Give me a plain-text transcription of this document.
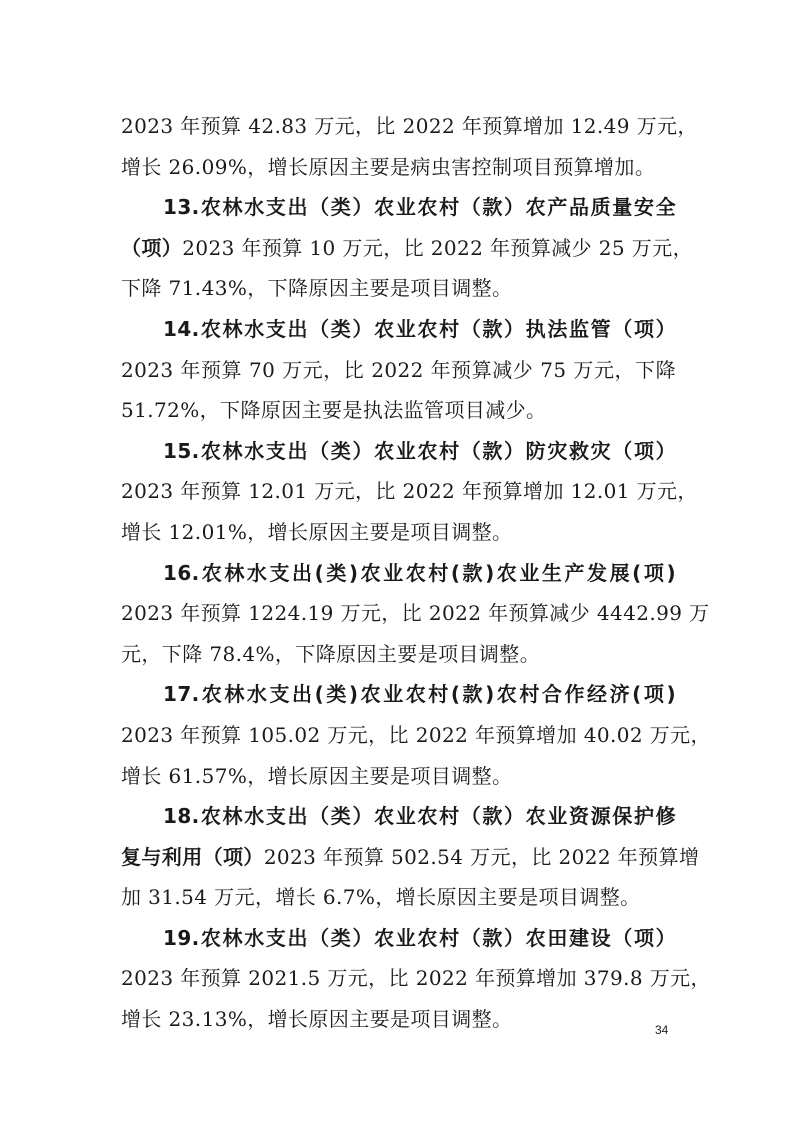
2023 年预算 42.83 万元，比 2022 年预算增加 12.49 万元，
增长 26.09%，增长原因主要是病虫害控制项目预算增加。
13.农林水支出（类）农业农村（款）农产品质量安全
（项）2023 年预算 10 万元，比 2022 年预算减少 25 万元，
下降 71.43%，下降原因主要是项目调整。
14.农林水支出（类）农业农村（款）执法监管（项）
2023 年预算 70 万元，比 2022 年预算减少 75 万元，下降
51.72%，下降原因主要是执法监管项目减少。
15.农林水支出（类）农业农村（款）防灾救灾（项）
2023 年预算 12.01 万元，比 2022 年预算增加 12.01 万元，
增长 12.01%，增长原因主要是项目调整。
16.农林水支出(类)农业农村(款)农业生产发展(项)
2023 年预算 1224.19 万元，比 2022 年预算减少 4442.99 万
元，下降 78.4%，下降原因主要是项目调整。
17.农林水支出(类)农业农村(款)农村合作经济(项)
2023 年预算 105.02 万元，比 2022 年预算增加 40.02 万元，
增长 61.57%，增长原因主要是项目调整。
18.农林水支出（类）农业农村（款）农业资源保护修
复与利用（项）2023 年预算 502.54 万元，比 2022 年预算增
加 31.54 万元，增长 6.7%，增长原因主要是项目调整。
19.农林水支出（类）农业农村（款）农田建设（项）
2023 年预算 2021.5 万元，比 2022 年预算增加 379.8 万元，
增长 23.13%，增长原因主要是项目调整。	34
